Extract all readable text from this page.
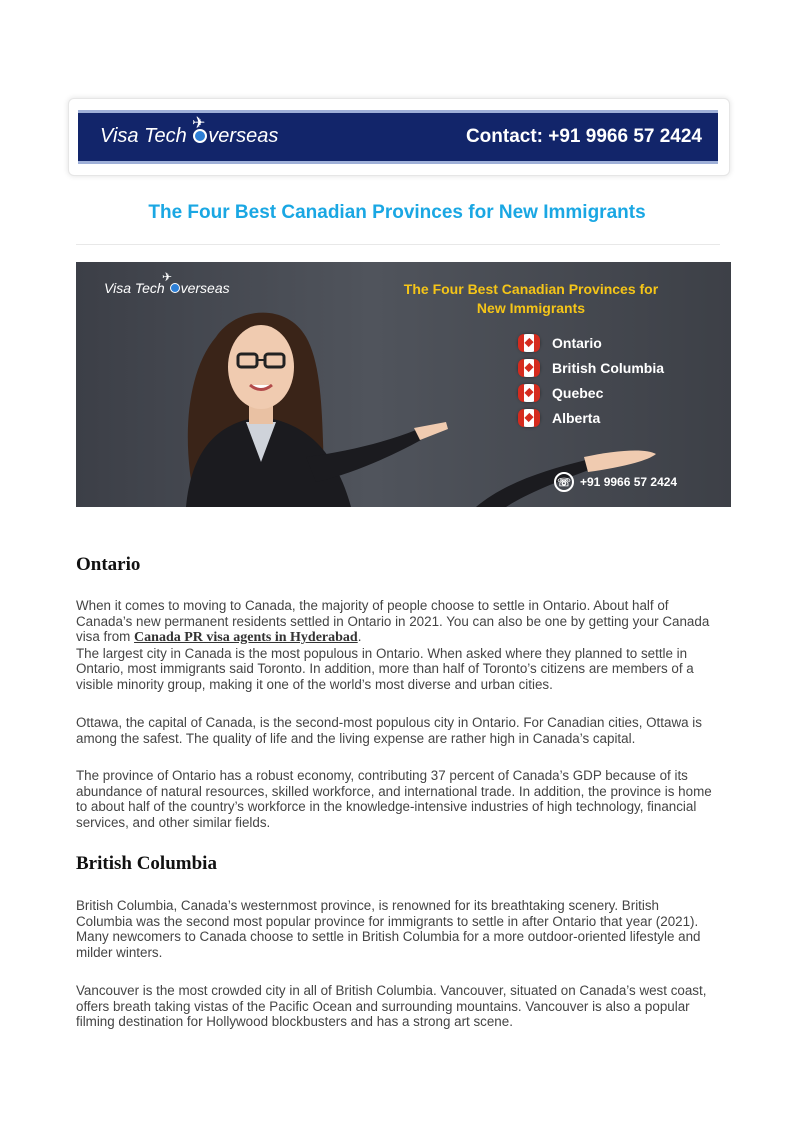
Visa Tech
✈
verseas	Contact: +91 9966 57 2424
The Four Best Canadian Provinces for New Immigrants
Visa Tech
✈
verseas	The Four Best Canadian Provinces for
New Immigrants
Ontario
British Columbia
Quebec
Alberta
☏ +91 9966 57 2424
Ontario

When it comes to moving to Canada, the majority of people choose to settle in Ontario. About half of Canada’s new permanent residents settled in Ontario in 2021. You can also be one by getting your Canada visa from Canada PR visa agents in Hyderabad.
The largest city in Canada is the most populous in Ontario. When asked where they planned to settle in Ontario, most immigrants said Toronto. In addition, more than half of Toronto’s citizens are members of a visible minority group, making it one of the world’s most diverse and urban cities.

Ottawa, the capital of Canada, is the second-most populous city in Ontario. For Canadian cities, Ottawa is among the safest. The quality of life and the living expense are rather high in Canada’s capital.

The province of Ontario has a robust economy, contributing 37 percent of Canada’s GDP because of its abundance of natural resources, skilled workforce, and international trade. In addition, the province is home to about half of the country’s workforce in the knowledge-intensive industries of high technology, financial services, and other similar fields.

British Columbia

British Columbia, Canada’s westernmost province, is renowned for its breathtaking scenery. British Columbia was the second most popular province for immigrants to settle in after Ontario that year (2021). Many newcomers to Canada choose to settle in British Columbia for a more outdoor-oriented lifestyle and milder winters.

Vancouver is the most crowded city in all of British Columbia. Vancouver, situated on Canada’s west coast, offers breath taking vistas of the Pacific Ocean and surrounding mountains. Vancouver is also a popular filming destination for Hollywood blockbusters and has a strong art scene.
